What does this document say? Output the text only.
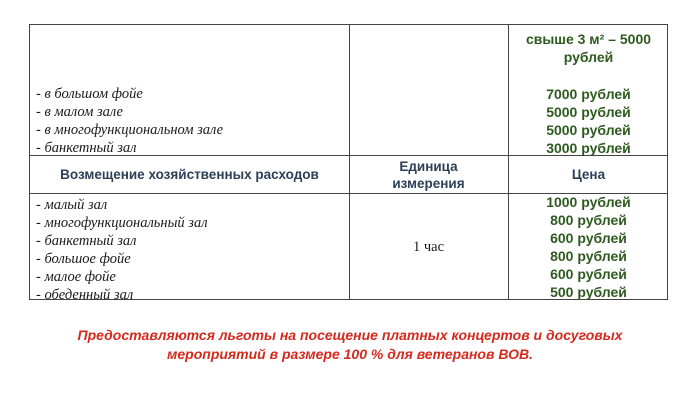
- в большом фойе
- в малом зале
- в многофункциональном зале
- банкетный зал
свыше 3 м² – 5000
рублей
7000 рублей
5000 рублей
5000 рублей
3000 рублей
Возмещение хозяйственных расходов
Единица
измерения
Цена
- малый зал
- многофункциональный зал
- банкетный зал
- большое фойе
- малое фойе
- обеденный зал
1 час
1000 рублей
800 рублей
600 рублей
800 рублей
600 рублей
500 рублей
Предоставляются льготы на посещение платных концертов и досуговых
мероприятий в размере 100 % для ветеранов ВОВ.
